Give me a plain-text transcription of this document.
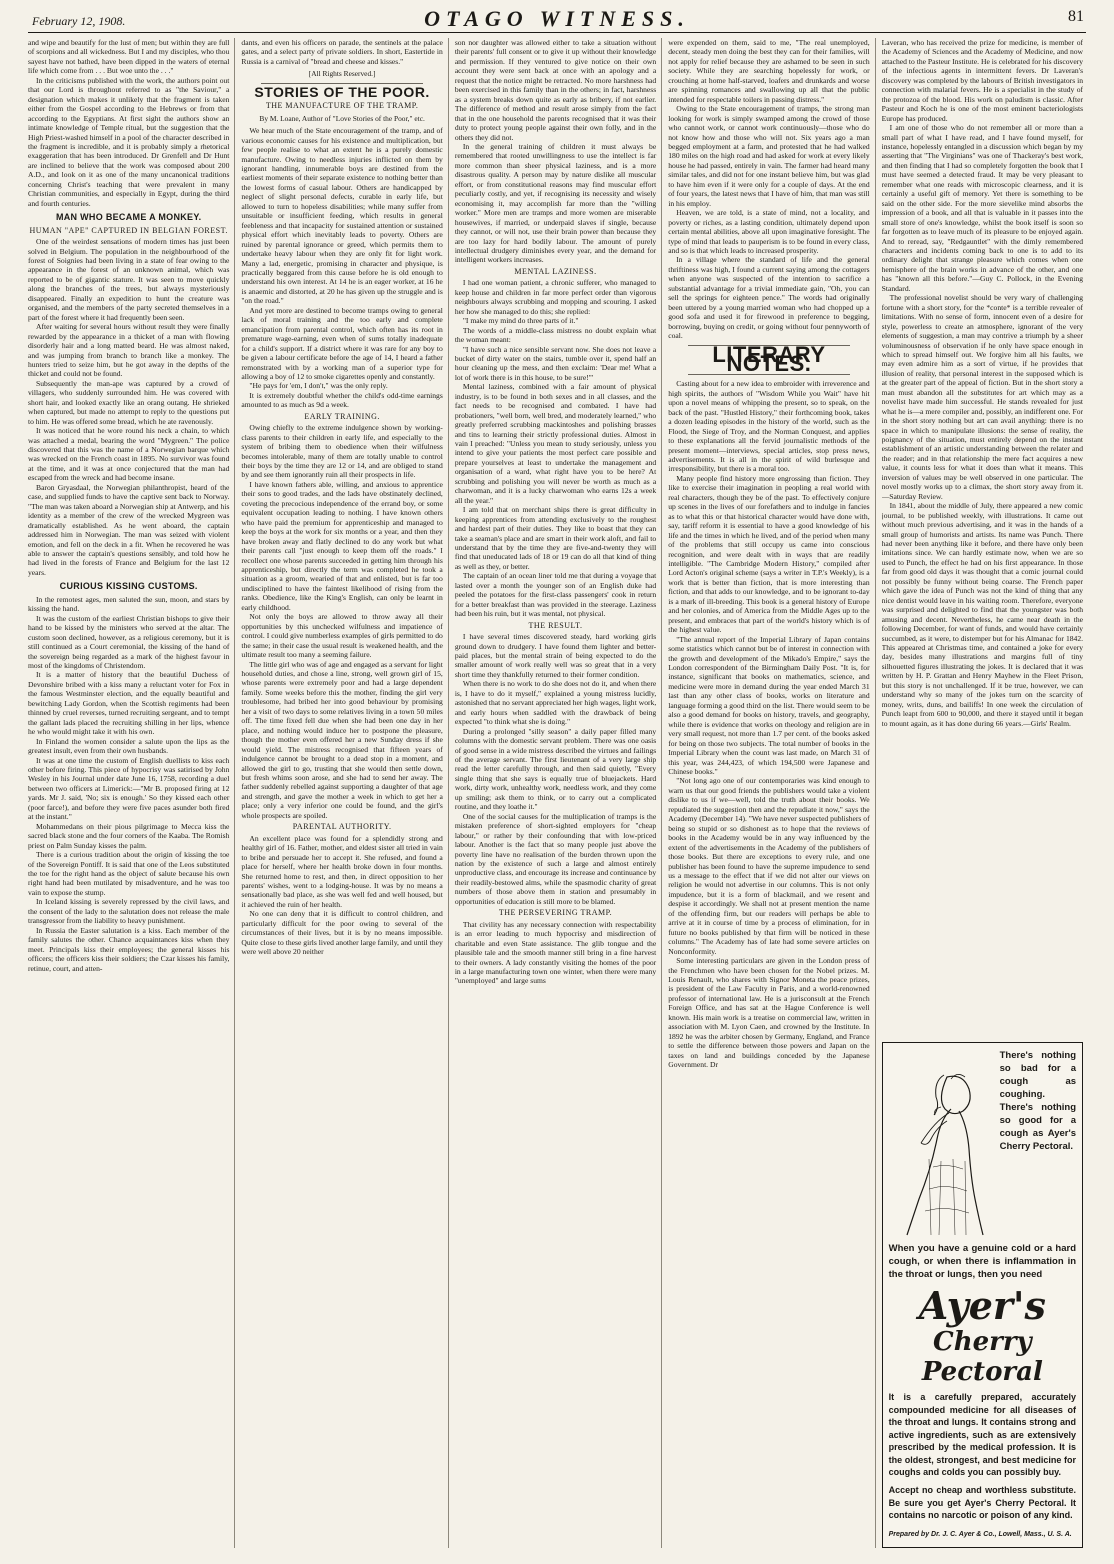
February 12, 1908.	OTAGO WITNESS.	81

and wipe and beautify for the lust of men; but within they are full of scorpions and all wickedness. But I and my disciples, who thou sayest have not bathed, have been dipped in the waters of eternal life which come from . . . But woe unto the . . ."

In the criticisms published with the work, the authors point out that our Lord is throughout referred to as "the Saviour," a designation which makes it unlikely that the fragment is taken either from the Gospel according to the Hebrews or from that according to the Egyptians. At first sight the authors show an intimate knowledge of Temple ritual, but the suggestion that the High Priest-washed himself in a pool of the character described in the fragment is incredible, and it is probably simply a rhetorical exaggeration that has been introduced. Dr Grenfell and Dr Hunt are inclined to believe that the work was composed about 200 A.D., and look on it as one of the many uncanonical traditions concerning Christ's teaching that were prevalent in many Christian communities, and especially in Egypt, during the third and fourth centuries.

MAN WHO BECAME A MONKEY.
HUMAN "APE" CAPTURED IN BELGIAN FOREST.

One of the weirdest sensations of modern times has just been solved in Belgium. The population in the neighbourhood of the forest of Soignies had been living in a state of fear owing to the appearance in the forest of an unknown animal, which was reported to be of gigantic stature. It was seen to move quickly along the branches of the trees, but always mysteriously disappeared. Finally an expedition to hunt the creature was organised, and the members of the party secreted themselves in a part of the forest where it had frequently been seen.

After waiting for several hours without result they were finally rewarded by the appearance in a thicket of a man with flowing disorderly hair and a long matted beard. He was almost naked, and was jumping from branch to branch like a monkey. The hunters tried to seize him, but he got away in the depths of the thicket and could not be found.

Subsequently the man-ape was captured by a crowd of villagers, who suddenly surrounded him. He was covered with short hair, and looked exactly like an orang outang. He shrieked when captured, but made no attempt to reply to the questions put to him. He was offered some bread, which he ate ravenously.

It was noticed that he wore round his neck a chain, to which was attached a medal, bearing the word "Mygreen." The police discovered that this was the name of a Norwegian barque which was wrecked on the French coast in 1895. No survivor was found at the time, and it was at once conjectured that the man had escaped from the wreck and had become insane.

Baron Gryasdaal, the Norwegian philanthropist, heard of the case, and supplied funds to have the captive sent back to Norway. "The man was taken aboard a Norwegian ship at Antwerp, and his identity as a member of the crew of the wrecked Mygreen was dramatically established. As he went aboard, the captain addressed him in Norwegian. The man was seized with violent emotion, and fell on the deck in a fit. When he recovered he was able to answer the captain's questions sensibly, and told how he had lived in the forests of France and Belgium for the last 12 years.

CURIOUS KISSING CUSTOMS.

In the remotest ages, men saluted the sun, moon, and stars by kissing the hand.

It was the custom of the earliest Christian bishops to give their hand to be kissed by the ministers who served at the altar. The custom soon declined, however, as a religious ceremony, but it is still continued as a Court ceremonial, the kissing of the hand of the sovereign being regarded as a mark of the highest favour in most of the kingdoms of Christendom.

It is a matter of history that the beautiful Duchess of Devonshire bribed with a kiss many a reluctant voter for Fox in the famous Westminster election, and the equally beautiful and bewitching Lady Gordon, when the Scottish regiments had been thinned by cruel reverses, turned recruiting sergeant, and to tempt the gallant lads placed the recruiting shilling in her lips, whence he who would might take it with his own.

In Finland the women consider a salute upon the lips as the greatest insult, even from their own husbands.

It was at one time the custom of English duellists to kiss each other before firing. This piece of hypocrisy was satirised by John Wesley in his Journal under date June 16, 1758, recording a duel between two officers at Limerick:—"Mr B. proposed firing at 12 yards. Mr J. said, 'No; six is enough.' So they kissed each other (poor farce!), and before they were five paces asunder both fired at the instant."

Mohammedans on their pious pilgrimage to Mecca kiss the sacred black stone and the four corners of the Kaaba. The Romish priest on Palm Sunday kisses the palm.

There is a curious tradition about the origin of kissing the toe of the Sovereign Pontiff. It is said that one of the Leos substituted the toe for the right hand as the object of salute because his own right hand had been mutilated by misadventure, and he was too vain to expose the stump.

In Iceland kissing is severely repressed by the civil laws, and the consent of the lady to the salutation does not release the male transgressor from the liability to heavy punishment.

In Russia the Easter salutation is a kiss. Each member of the family salutes the other. Chance acquaintances kiss when they meet. Principals kiss their employees; the general kisses his officers; the officers kiss their soldiers; the Czar kisses his family, retinue, court, and atten-

dants, and even his officers on parade, the sentinels at the palace gates, and a select party of private soldiers. In short, Eastertide in Russia is a carnival of "bread and cheese and kisses."

[All Rights Reserved.]
STORIES OF THE POOR.
THE MANUFACTURE OF THE TRAMP.
By M. Loane, Author of "Love Stories of the Poor," etc.

We hear much of the State encouragement of the tramp, and of various economic causes for his existence and multiplication, but few people realise to what an extent he is a purely domestic manufacture. Owing to needless injuries inflicted on them by ignorant handling, innumerable boys are destined from the earliest moments of their separate existence to nothing better than the lowest forms of casual labour. Others are handicapped by neglect of slight personal defects, curable in early life, but allowed to turn to hopeless disabilities; while many suffer from unsuitable or insufficient feeding, which results in general feebleness and that incapacity for sustained attention or sustained physical effort which inevitably leads to poverty. Others are ruined by parental ignorance or greed, which permits them to undertake heavy labour when they are only fit for light work. Many a lad, energetic, promising in character and physique, is practically beggared from this cause before he is old enough to understand his own interest. At 14 he is an eager worker, at 16 he is anaemic and distorted, at 20 he has given up the struggle and is "on the road."

And yet more are destined to become tramps owing to general lack of moral training and the too early and complete emancipation from parental control, which often has its root in premature wage-earning, even when of sums totally inadequate for a child's support. If a district where it was rare for any boy to be given a labour certificate before the age of 14, I heard a father remonstrated with by a working man of a superior type for allowing a boy of 12 to smoke cigarettes openly and constantly.

"He pays for 'em, I don't," was the only reply.

It is extremely doubtful whether the child's odd-time earnings amounted to as much as 9d a week.

EARLY TRAINING.

Owing chiefly to the extreme indulgence shown by working-class parents to their children in early life, and especially to the system of bribing them to obedience when their wilfulness becomes intolerable, many of them are totally unable to control their boys by the time they are 12 or 14, and are obliged to stand by and see them ignorantly ruin all their prospects in life.

I have known fathers able, willing, and anxious to apprentice their sons to good trades, and the lads have obstinately declined, coveting the precocious independence of the errand boy, or some equivalent occupation leading to nothing. I have known others who have paid the premium for apprenticeship and managed to keep the boys at the work for six months or a year, and then they have broken away and flatly declined to do any work but what their parents call "just enough to keep them off the roads." I recollect one whose parents succeeded in getting him through his apprenticeship, but directly the term was completed he took a situation as a groom, wearied of that and enlisted, but is far too undisciplined to have the faintest likelihood of rising from the ranks. Obedience, like the King's English, can only be learnt in early childhood.

Not only the boys are allowed to throw away all their opportunities by this unchecked wilfulness and impatience of control. I could give numberless examples of girls permitted to do the same; in their case the usual result is weakened health, and the ultimate result too many a seeming failure.

The little girl who was of age and engaged as a servant for light household duties, and chose a line, strong, well grown girl of 15, whose parents were extremely poor and had a large dependent family. Some weeks before this the mother, finding the girl very troublesome, had bribed her into good behaviour by promising her a visit of two days to some relatives living in a town 50 miles off. The time fixed fell due when she had been one day in her place, and nothing would induce her to postpone the pleasure, though the mother even offered her a new Sunday dress if she would yield. The mistress recognised that fifteen years of indulgence cannot be brought to a dead stop in a moment, and allowed the girl to go, trusting that she would then settle down, but fresh whims soon arose, and she had to send her away. The father suddenly rebelled against supporting a daughter of that age and strength, and gave the mother a week in which to get her a place; only a very inferior one could be found, and the girl's whole prospects are spoiled.

PARENTAL AUTHORITY.

An excellent place was found for a splendidly strong and healthy girl of 16. Father, mother, and eldest sister all tried in vain to bribe and persuade her to accept it. She refused, and found a place for herself, where her health broke down in four months. She returned home to rest, and then, in direct opposition to her parents' wishes, went to a lodging-house. It was by no means a sensationally bad place, as she was well fed and well housed, but it achieved the ruin of her health.

No one can deny that it is difficult to control children, and particularly difficult for the poor owing to several of the circumstances of their lives, but it is by no means impossible. Quite close to these girls lived another large family, and until they were well above 20 neither

son nor daughter was allowed either to take a situation without their parents' full consent or to give it up without their knowledge and permission. If they ventured to give notice on their own account they were sent back at once with an apology and a request that the notice might be retracted. No more harshness had been exercised in this family than in the others; in fact, harshness as a system breaks down quite as early as bribery, if not earlier. The difference of method and result arose simply from the fact that in the one household the parents recognised that it was their duty to protect young people against their own folly, and in the others they did not.

In the general training of children it must always be remembered that rooted unwillingness to use the intellect is far more common than sheer physical laziness, and is a more disastrous quality. A person may by nature dislike all muscular effort, or from constitutional reasons may find muscular effort peculiarly costly, and yet, if recognising its necessity and wisely economising it, may accomplish far more than the "willing worker." More men are tramps and more women are miserable housewives, if married, or underpaid slaves if single, because they cannot, or will not, use their brain power than because they are too lazy for hard bodily labour. The amount of purely intellectual drudgery diminishes every year, and the demand for intelligent workers increases.

MENTAL LAZINESS.

I had one woman patient, a chronic sufferer, who managed to keep house and children in far more perfect order than vigorous neighbours always scrubbing and mopping and scouring. I asked her how she managed to do this; she replied:

"I make my mind do three parts of it."

The words of a middle-class mistress no doubt explain what the woman meant:

"I have such a nice sensible servant now. She does not leave a bucket of dirty water on the stairs, tumble over it, spend half an hour cleaning up the mess, and then exclaim: 'Dear me! What a lot of work there is in this house, to be sure!'"

Mental laziness, combined with a fair amount of physical industry, is to be found in both sexes and in all classes, and the fact needs to be recognised and combated. I have had probationers, "well born, well bred, and moderately learned," who greatly preferred scrubbing mackintoshes and polishing brasses and tins to learning their strictly professional duties. Almost in vain I preached: "Unless you mean to study seriously, unless you intend to give your patients the most perfect care possible and prepare yourselves at least to undertake the management and organisation of a ward, what right have you to be here? At scrubbing and polishing you will never be worth as much as a charwoman, and it is a lucky charwoman who earns 12s a week all the year."

I am told that on merchant ships there is great difficulty in keeping apprentices from attending exclusively to the roughest and hardest part of their duties. They like to boast that they can take a seaman's place and are smart in their work aloft, and fail to understand that by the time they are five-and-twenty they will find that uneducated lads of 18 or 19 can do all that kind of thing as well as they, or better.

The captain of an ocean liner told me that during a voyage that lasted over a month the younger son of an English duke had peeled the potatoes for the first-class passengers' cook in return for a better breakfast than was provided in the steerage. Laziness had been his ruin, but it was mental, not physical.

THE RESULT.

I have several times discovered steady, hard working girls ground down to drudgery. I have found them lighter and better-paid places, but the mental strain of being expected to do the smaller amount of work really well was so great that in a very short time they thankfully returned to their former condition.

When there is no work to do she does not do it, and when there is, I have to do it myself," explained a young mistress lucidly, astonished that no servant appreciated her high wages, light work, and early hours when saddled with the drawback of being expected "to think what she is doing."

During a prolonged "silly season" a daily paper filled many columns with the domestic servant problem. There was one oasis of good sense in a wide mistress described the virtues and failings of the average servant. The first lieutenant of a very large ship read the letter carefully through, and then said quietly, "Every single thing that she says is equally true of bluejackets. Hard work, dirty work, unhealthy work, needless work, and they come up smiling; ask them to think, or to carry out a complicated routine, and they loathe it."

One of the social causes for the multiplication of tramps is the mistaken preference of short-sighted employers for "cheap labour," or rather by their confounding that with low-priced labour. Another is the fact that so many people just above the poverty line have no realisation of the burden thrown upon the nation by the existence of such a large and almost entirely unproductive class, and encourage its increase and continuance by their readily-bestowed alms, while the spasmodic charity of great numbers of those above them in station and presumably in opportunities of education is still more to be blamed.

THE PERSEVERING TRAMP.

That civility has any necessary connection with respectability is an error leading to much hypocrisy and misdirection of charitable and even State assistance. The glib tongue and the plausible tale and the smooth manner still bring in a fine harvest to their owners. A lady constantly visiting the homes of the poor in a large manufacturing town one winter, when there were many "unemployed" and large sums

were expended on them, said to me, "The real unemployed, decent, steady men doing the best they can for their families, will not apply for relief because they are ashamed to be seen in such society. While they are searching hopelessly for work, or crouching at home half-starved, loafers and drunkards and worse are spinning romances and swallowing up all that the public intended for respectable toilers in passing distress."

Owing to the State encouragement of tramps, the strong man looking for work is simply swamped among the crowd of those who cannot work, or cannot work continuously—those who do not know how and those who will not. Six years ago a man begged employment at a farm, and protested that he had walked 180 miles on the high road and had asked for work at every likely house he had passed, entirely in vain. The farmer had heard many similar tales, and did not for one instant believe him, but was glad to have him even if it were only for a couple of days. At the end of four years, the latest news that I have of him, that man was still in his employ.

Heaven, we are told, is a state of mind, not a locality, and poverty or riches, as a lasting condition, ultimately depend upon certain mental abilities, above all upon imaginative foresight. The type of mind that leads to pauperism is to be found in every class, and so is that which leads to increased prosperity.

In a village where the standard of life and the general thriftiness was high, I found a current saying among the cottagers when anyone was suspected of the intention to sacrifice a substantial advantage for a trivial immediate gain, "Oh, you can sell the springs for eighteen pence." The words had originally been uttered by a young married woman who had chopped up a good sofa and used it for firewood in preference to begging, borrowing, buying on credit, or going without four pennyworth of coal.

LITERARY NOTES.

Casting about for a new idea to embroider with irreverence and high spirits, the authors of "Wisdom While you Wait" have hit upon a novel means of whipping the present, so to speak, on the back of the past. "Hustled History," their forthcoming book, takes a dozen leading episodes in the history of the world, such as the Flood, the Siege of Troy, and the Norman Conquest, and applies to these explanations all the fervid journalistic methods of the present moment—interviews, special articles, stop press news, advertisements. It is all in the spirit of wild burlesque and irresponsibility, but there is a moral too.

Many people find history more engrossing than fiction. They like to exercise their imagination in peopling a real world with real characters, though they be of the past. To effectively conjure up scenes in the lives of our forefathers and to indulge in fancies as to what this or that historical character would have done with, say, tariff reform it is essential to have a good knowledge of his life and the times in which he lived, and of the period when many of the problems that still occupy us came into conscious recognition, and were dealt with in ways that are readily intelligible. "The Cambridge Modern History," compiled after Lord Acton's original scheme (says a writer in T.P.'s Weekly), is a work that is better than fiction, that is more interesting than fiction, and that adds to our knowledge, and to be ignorant to-day is a mark of ill-breeding. This book is a general history of Europe and her colonies, and of America from the Middle Ages up to the present, and embraces that part of the world's history which is of the highest value.

"The annual report of the Imperial Library of Japan contains some statistics which cannot but be of interest in connection with the growth and development of the Mikado's Empire," says the London correspondent of the Birmingham Daily Post. "It is, for instance, significant that books on mathematics, science, and medicine were more in demand during the year ended March 31 last than any other class of books, works on literature and language forming a good third on the list. There would seem to be also a good demand for books on history, travels, and geography, while there is evidence that works on theology and religion are in very small request, not more than 1.7 per cent. of the books asked for being on those two subjects. The total number of books in the Imperial Library when the count was last made, on March 31 of this year, was 244,423, of which 194,500 were Japanese and Chinese books."

"Not long ago one of our contemporaries was kind enough to warn us that our good friends the publishers would take a violent dislike to us if we—well, told the truth about their books. We repudiated the suggestion then and the repudiate it now," says the Academy (December 14). "We have never suspected publishers of being so stupid or so dishonest as to hope that the reviews of books in the Academy would be in any way influenced by the extent of the advertisements in the Academy of the publishers of those books. But there are exceptions to every rule, and one publisher has been found to have the supreme impudence to send us a message to the effect that if we did not alter our views on religion he would not advertise in our columns. This is not only impudence, but it is a form of blackmail, and we resent and despise it accordingly. We shall not at present mention the name of the offending firm, but our readers will perhaps be able to arrive at it in course of time by a process of elimination, for in future no books published by that firm will be noticed in these columns." The Academy has of late had some severe articles on Nonconformity.

Some interesting particulars are given in the London press of the Frenchmen who have been chosen for the Nobel prizes. M. Louis Renault, who shares with Signor Moneta the peace prizes, is president of the Law Faculty in Paris, and a world-renowned professor of international law. He is a jurisconsult at the French Foreign Office, and has sat at the Hague Conference is well known. His main work is a treatise on commercial law, written in association with M. Lyon Caen, and crowned by the Institute. In 1892 he was the arbiter chosen by Germany, England, and France to settle the difference between those powers and Japan on the taxes on land and buildings conceded by the Japanese Government. Dr

Laveran, who has received the prize for medicine, is member of the Academy of Sciences and the Academy of Medicine, and now attached to the Pasteur Institute. He is celebrated for his discovery of the infectious agents in intermittent fevers. Dr Laveran's discovery was completed by the labours of British investigators in connection with malarial fevers. He is a specialist in the study of the protozoa of the blood. His work on paludism is classic. After Pasteur and Koch he is one of the most eminent bacteriologists Europe has produced.

I am one of those who do not remember all or more than a small part of what I have read, and I have found myself, for instance, hopelessly entangled in a discussion which began by my asserting that "The Virginians" was one of Thackeray's best work, and then finding that I had so completely forgotten the book that I must have seemed a detected fraud. It may be very pleasant to remember what one reads with microscopic clearness, and it is certainly a useful gift of memory. Yet there is something to be said on the other side. For the more sievelike mind absorbs the impression of a book, and all that is valuable in it passes into the small store of one's knowledge, whilst the book itself is soon so far forgotten as to leave much of its pleasure to be enjoyed again. And to reread, say, "Redgauntlet" with the dimly remembered characters and incidents coming back to one is to add to its ordinary delight that strange pleasure which comes when one hemisphere of the brain works in advance of the other, and one has "known all this before."—Guy C. Pollock, in the Evening Standard.

The professional novelist should be very wary of challenging fortune with a short story, for the *conte* is a terrible revealer of limitations. With no sense of form, innocent even of a desire for style, powerless to create an atmosphere, ignorant of the very elements of suggestion, a man may contrive a triumph by a sheer voluminousness of observation if he only have space enough in which to spread himself out. We forgive him all his faults, we may even admire him as a sort of virtue, if he provides that illusion of reality, that personal interest in the supposed which is at the greater part of the appeal of fiction. But in the short story a man must abandon all the substitutes for art which may as a novelist have made him successful. He stands revealed for just what he is—a mere compiler and, possibly, an indifferent one. For in the short story nothing but art can avail anything: there is no space in which to manipulate illusions: the sense of reality, the poignancy of the situation, must entirely depend on the instant establishment of an artistic understanding between the relater and the reader; and in that relationship the mere fact acquires a new value, it counts less for what it does than what it means. This inversion of values may be well observed in one particular. The novel mostly works up to a climax, the short story away from it.—Saturday Review.

In 1841, about the middle of July, there appeared a new comic journal, to be published weekly, with illustrations. It came out without much previous advertising, and it was in the hands of a small group of humorists and artists. Its name was Punch. There had never been anything like it before, and there have only been imitations since. We can hardly estimate now, when we are so used to Punch, the effect he had on his first appearance. In those far from good old days it was thought that a comic journal could not possibly be funny without being coarse. The French paper which gave the idea of Punch was not the kind of thing that any nice dentist would leave in his waiting room. Therefore, everyone was surprised and delighted to find that the youngster was both amusing and decent. Nevertheless, he came near death in the following December, for want of funds, and would have certainly succumbed, as it were, to distemper but for his Almanac for 1842. This appeared at Christmas time, and contained a joke for every day, besides many illustrations and margins full of tiny silhouetted figures illustrating the jokes. It is declared that it was written by H. P. Grattan and Henry Mayhew in the Fleet Prison, but this story is not unchallenged. If it be true, however, we can understand why so many of the jokes turn on the scarcity of money, writs, duns, and bailiffs! In one week the circulation of Punch leapt from 600 to 90,000, and there it stayed until it began to mount again, as it has done during 66 years.—Girls' Realm.

There's nothing so bad for a cough as coughing. There's nothing so good for a cough as Ayer's Cherry Pectoral.
When you have a genuine cold or a hard cough, or when there is inflammation in the throat or lungs, then you need
Ayer's
Cherry Pectoral
It is a carefully prepared, accurately compounded medicine for all diseases of the throat and lungs. It contains strong and active ingredients, such as are extensively prescribed by the medical profession. It is the oldest, strongest, and best medicine for coughs and colds you can possibly buy.
Accept no cheap and worthless substitute. Be sure you get Ayer's Cherry Pectoral. It contains no narcotic or poison of any kind.
Prepared by Dr. J. C. Ayer & Co., Lowell, Mass., U. S. A.
